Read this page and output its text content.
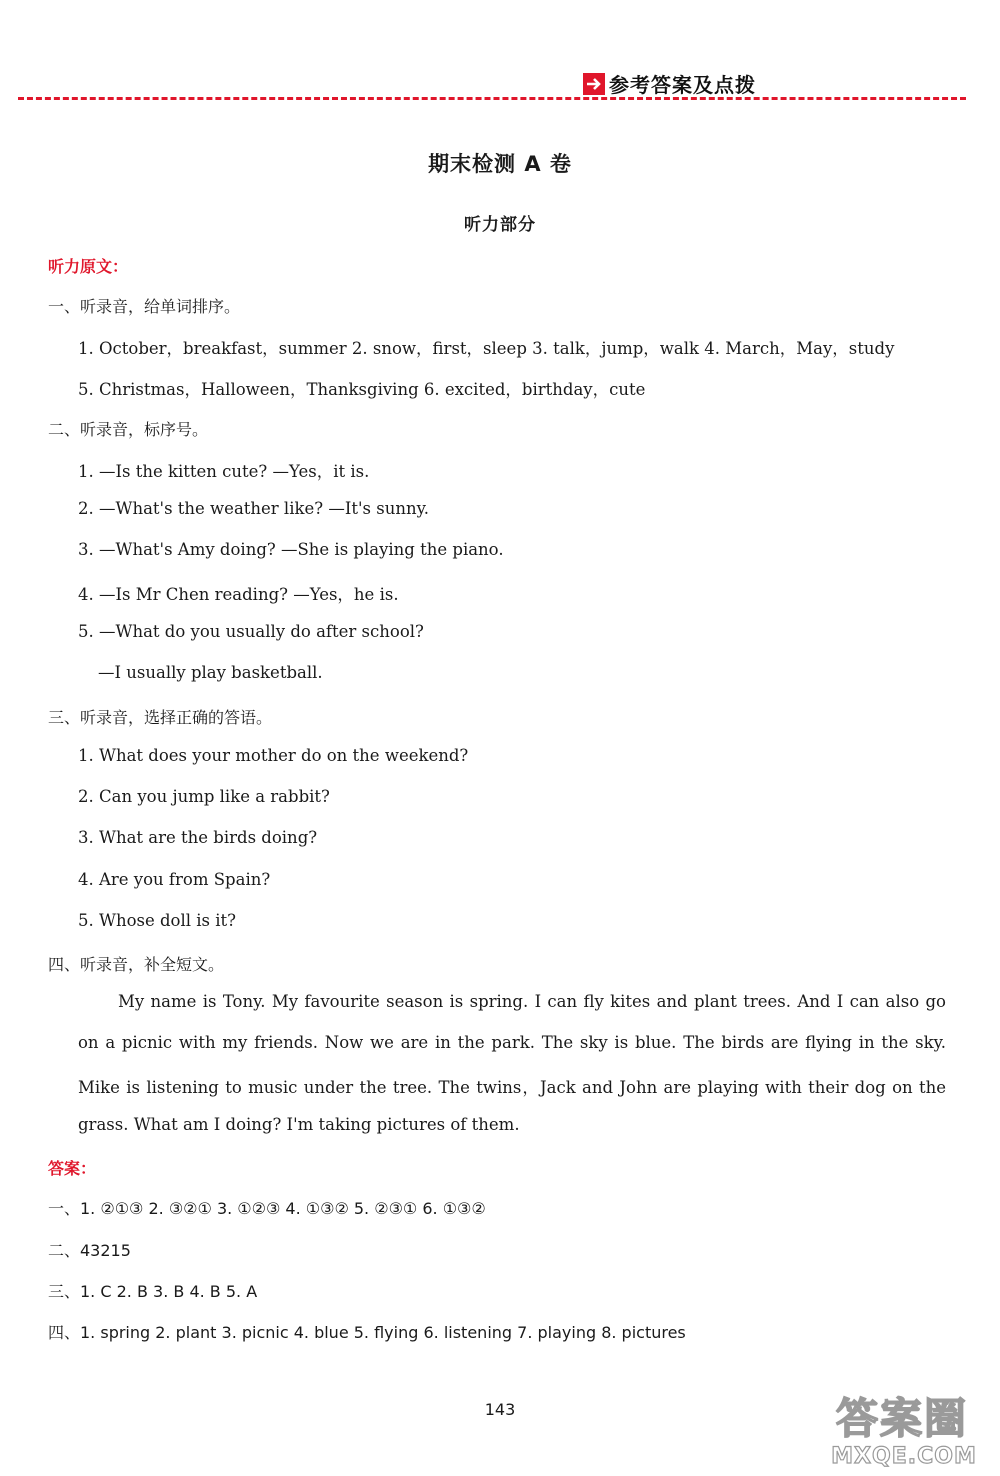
参考答案及点拨
期末检测 A 卷
听力部分
听力原文：
一、听录音，给单词排序。
1. October，breakfast，summer 2. snow，first，sleep 3. talk，jump，walk 4. March，May，study
5. Christmas，Halloween，Thanksgiving 6. excited，birthday，cute
二、听录音，标序号。
1. —Is the kitten cute? —Yes，it is.
2. —What's the weather like? —It's sunny.
3. —What's Amy doing? —She is playing the piano.
4. —Is Mr Chen reading? —Yes，he is.
5. —What do you usually do after school?
—I usually play basketball.
三、听录音，选择正确的答语。
1. What does your mother do on the weekend?
2. Can you jump like a rabbit?
3. What are the birds doing?
4. Are you from Spain?
5. Whose doll is it?
四、听录音，补全短文。
My name is Tony. My favourite season is spring. I can fly kites and plant trees. And I can also go
on a picnic with my friends. Now we are in the park. The sky is blue. The birds are flying in the sky.
Mike is listening to music under the tree. The twins，Jack and John are playing with their dog on the
grass. What am I doing? I'm taking pictures of them.
答案：
一、1. ②①③ 2. ③②① 3. ①②③ 4. ①③② 5. ②③① 6. ①③②
二、43215
三、1. C 2. B 3. B 4. B 5. A
四、1. spring 2. plant 3. picnic 4. blue 5. flying 6. listening 7. playing 8. pictures
143	答案圈
MXQE.COM
